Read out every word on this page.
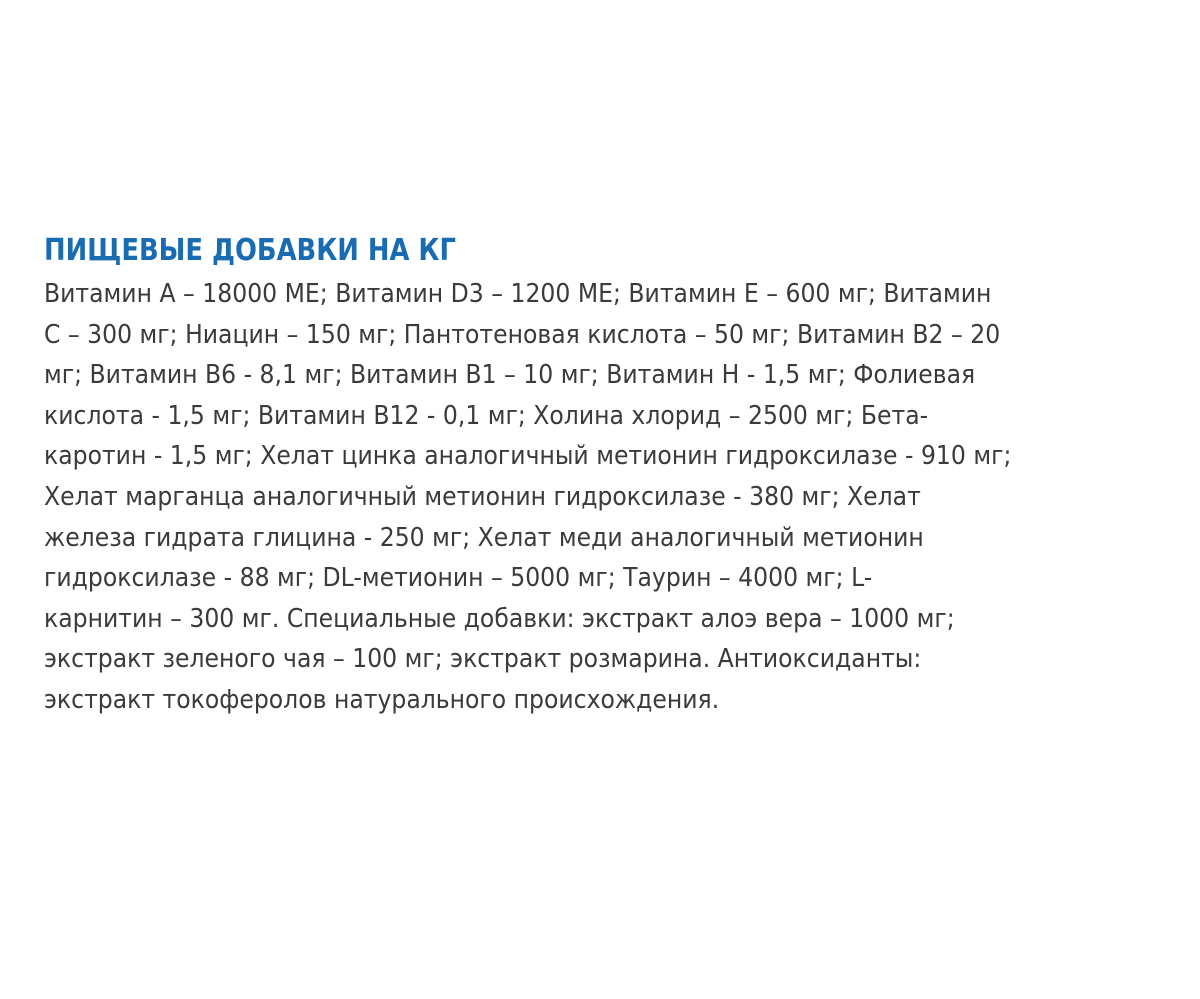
ПИЩЕВЫЕ ДОБАВКИ НА КГ

Витамин А – 18000 МЕ; Витамин D3 – 1200 МЕ; Витамин Е – 600 мг; Витамин
С – 300 мг; Ниацин – 150 мг; Пантотеновая кислота – 50 мг; Витамин В2 – 20
мг; Витамин В6 - 8,1 мг; Витамин В1 – 10 мг; Витамин Н - 1,5 мг; Фолиевая
кислота - 1,5 мг; Витамин В12 - 0,1 мг; Холина хлорид – 2500 мг; Бета-
каротин - 1,5 мг; Хелат цинка аналогичный метионин гидроксилазе - 910 мг;
Хелат марганца аналогичный метионин гидроксилазе - 380 мг; Хелат
железа гидрата глицина - 250 мг; Хелат меди аналогичный метионин
гидроксилазе - 88 мг; DL-метионин – 5000 мг; Таурин – 4000 мг; L-
карнитин – 300 мг. Специальные добавки: экстракт алоэ вера – 1000 мг;
экстракт зеленого чая – 100 мг; экстракт розмарина. Антиоксиданты:
экстракт токоферолов натурального происхождения.
